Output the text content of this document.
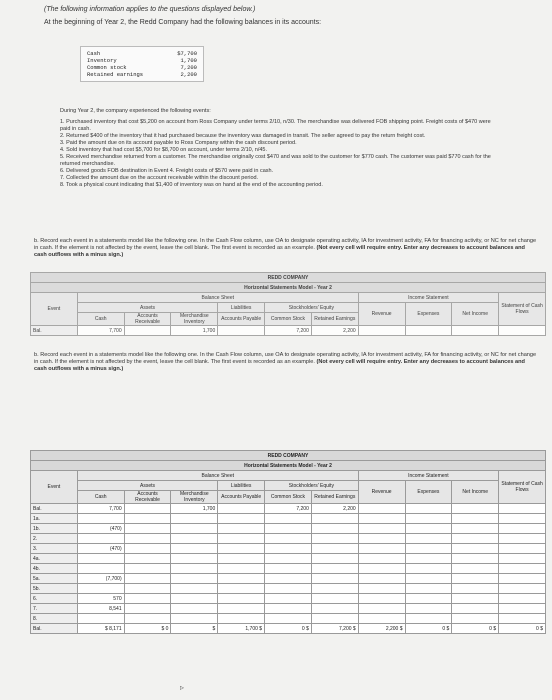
(The following information applies to the questions displayed below.)
At the beginning of Year 2, the Redd Company had the following balances in its accounts:
Cash	$7,700
Inventory	1,700
Common stock	7,200
Retained earnings	2,200
During Year 2, the company experienced the following events:
1. Purchased inventory that cost $5,200 on account from Ross Company under terms 2/10, n/30. The merchandise was delivered FOB shipping point. Freight costs of $470 were paid in cash.
2. Returned $400 of the inventory that it had purchased because the inventory was damaged in transit. The seller agreed to pay the return freight cost.
3. Paid the amount due on its account payable to Ross Company within the cash discount period.
4. Sold inventory that had cost $5,700 for $8,700 on account, under terms 2/10, n/45.
5. Received merchandise returned from a customer. The merchandise originally cost $470 and was sold to the customer for $770 cash. The customer was paid $770 cash for the returned merchandise.
6. Delivered goods FOB destination in Event 4. Freight costs of $570 were paid in cash.
7. Collected the amount due on the account receivable within the discount period.
8. Took a physical count indicating that $1,400 of inventory was on hand at the end of the accounting period.
b. Record each event in a statements model like the following one. In the Cash Flow column, use OA to designate operating activity, IA for investment activity, FA for financing activity, or NC for net change in cash. If the element is not affected by the event, leave the cell blank. The first event is recorded as an example. (Not every cell will require entry. Enter any decreases to account balances and cash outflows with a minus sign.)
REDD COMPANY										
Horizontal Statements Model - Year 2										
Event	Balance Sheet						Income Statement			Statement of Cash Flows
	Assets			Liabilities	Stockholders' Equity		Revenue	Expenses	Net Income	
	Cash	Accounts Receivable	Merchandise Inventory	Accounts Payable	Common Stock	Retained Earnings				
Bal.	7,700		1,700		7,200	2,200				
b. Record each event in a statements model like the following one. In the Cash Flow column, use OA to designate operating activity, IA for investment activity, FA for financing activity, or NC for net change in cash. If the element is not affected by the event, leave the cell blank. The first event is recorded as an example. (Not every cell will require entry. Enter any decreases to account balances and cash outflows with a minus sign.)
REDD COMPANY										
Horizontal Statements Model - Year 2										
Event	Balance Sheet						Income Statement			Statement of Cash Flows
	Assets			Liabilities	Stockholders' Equity		Revenue	Expenses	Net Income	
	Cash	Accounts Receivable	Merchandise Inventory	Accounts Payable	Common Stock	Retained Earnings				
Bal.	7,700		1,700		7,200	2,200				
1a.										
1b.	(470)									
2.										
3.	(470)									
4a.										
4b.										
5a.	(7,700)									
5b.										
6.	570									
7.	8,541									
8.										
Bal.	$ 8,171	$ 0	$	1,700 $	0 $	7,200 $	2,200 $	0 $	0 $	0 $
▹
